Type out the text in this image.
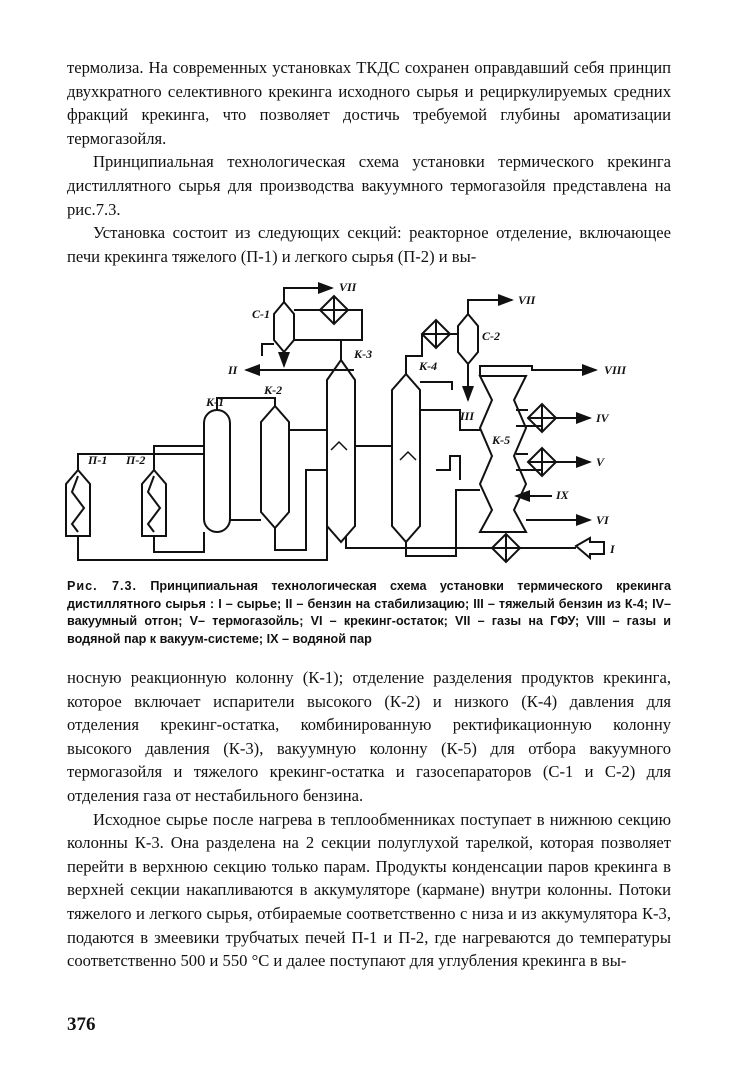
термолиза. На современных установках ТКДС сохранен оправдавший себя принцип двухкратного селективного крекинга исходного сырья и рециркулируемых средних фракций крекинга, что позволяет достичь требуемой глубины ароматизации термогазойля.

Принципиальная технологическая схема установки термического крекинга дистиллятного сырья для производства вакуумного термогазойля представлена на рис.7.3.

Установка состоит из следующих секций: реакторное отделение, включающее печи крекинга тяжелого (П-1) и легкого сырья (П-2) и вы-

С-1
VII
С-2
VII
К-3
К-4	VIII
II
К-1
К-2
III	IV
К-5
П-1 П-2	V
IX
VI
I
Рис. 7.3. Принципиальная технологическая схема установки термического крекинга дистиллятного сырья : I – сырье; II – бензин на стабилизацию; III – тяжелый бензин из К-4; IV– вакуумный отгон; V– термогазойль; VI – крекинг-остаток; VII – газы на ГФУ; VIII – газы и водяной пар к вакуум-системе; IX – водяной пар

носную реакционную колонну (К-1); отделение разделения продуктов крекинга, которое включает испарители высокого (К-2) и низкого (К-4) давления для отделения крекинг-остатка, комбинированную ректификационную колонну высокого давления (К-3), вакуумную колонну (К-5) для отбора вакуумного термогазойля и тяжелого крекинг-остатка и газосепараторов (С-1 и С-2) для отделения газа от нестабильного бензина.

Исходное сырье после нагрева в теплообменниках поступает в нижнюю секцию колонны К-3. Она разделена на 2 секции полуглухой тарелкой, которая позволяет перейти в верхнюю секцию только парам. Продукты конденсации паров крекинга в верхней секции накапливаются в аккумуляторе (кармане) внутри колонны. Потоки тяжелого и легкого сырья, отбираемые соответственно с низа и из аккумулятора К-3, подаются в змеевики трубчатых печей П-1 и П-2, где нагреваются до температуры соответственно 500 и 550 °С и далее поступают для углубления крекинга в вы-

376
